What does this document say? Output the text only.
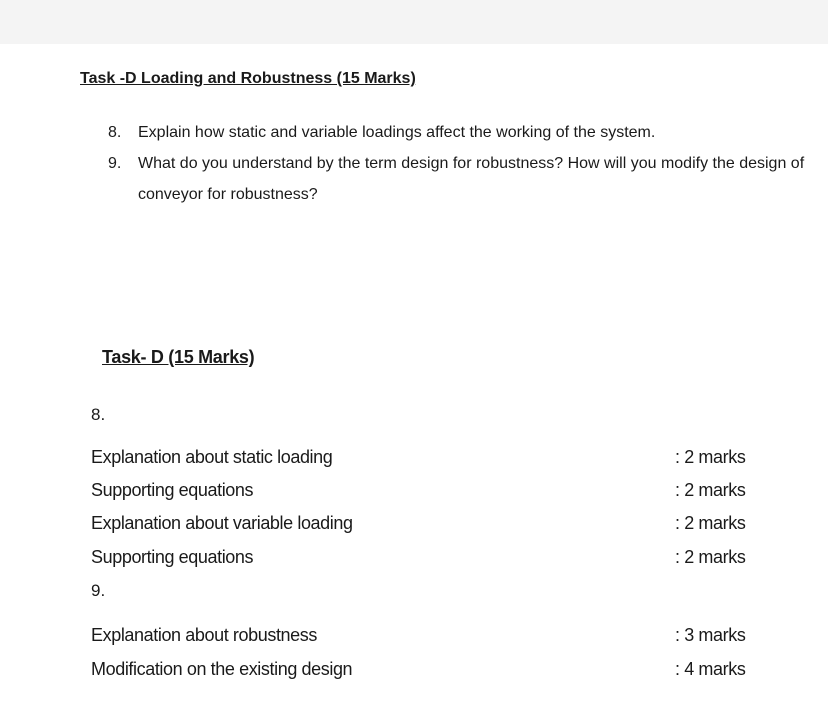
Task -D Loading and Robustness (15 Marks)
8. Explain how static and variable loadings affect the working of the system.
9. What do you understand by the term design for robustness? How will you modify the design of conveyor for robustness?
Task- D (15 Marks)
8.
Explanation about static loading	: 2 marks
Supporting equations	: 2 marks
Explanation about variable loading	: 2 marks
Supporting equations	: 2 marks
9.
Explanation about robustness	: 3 marks
Modification on the existing design	: 4 marks
